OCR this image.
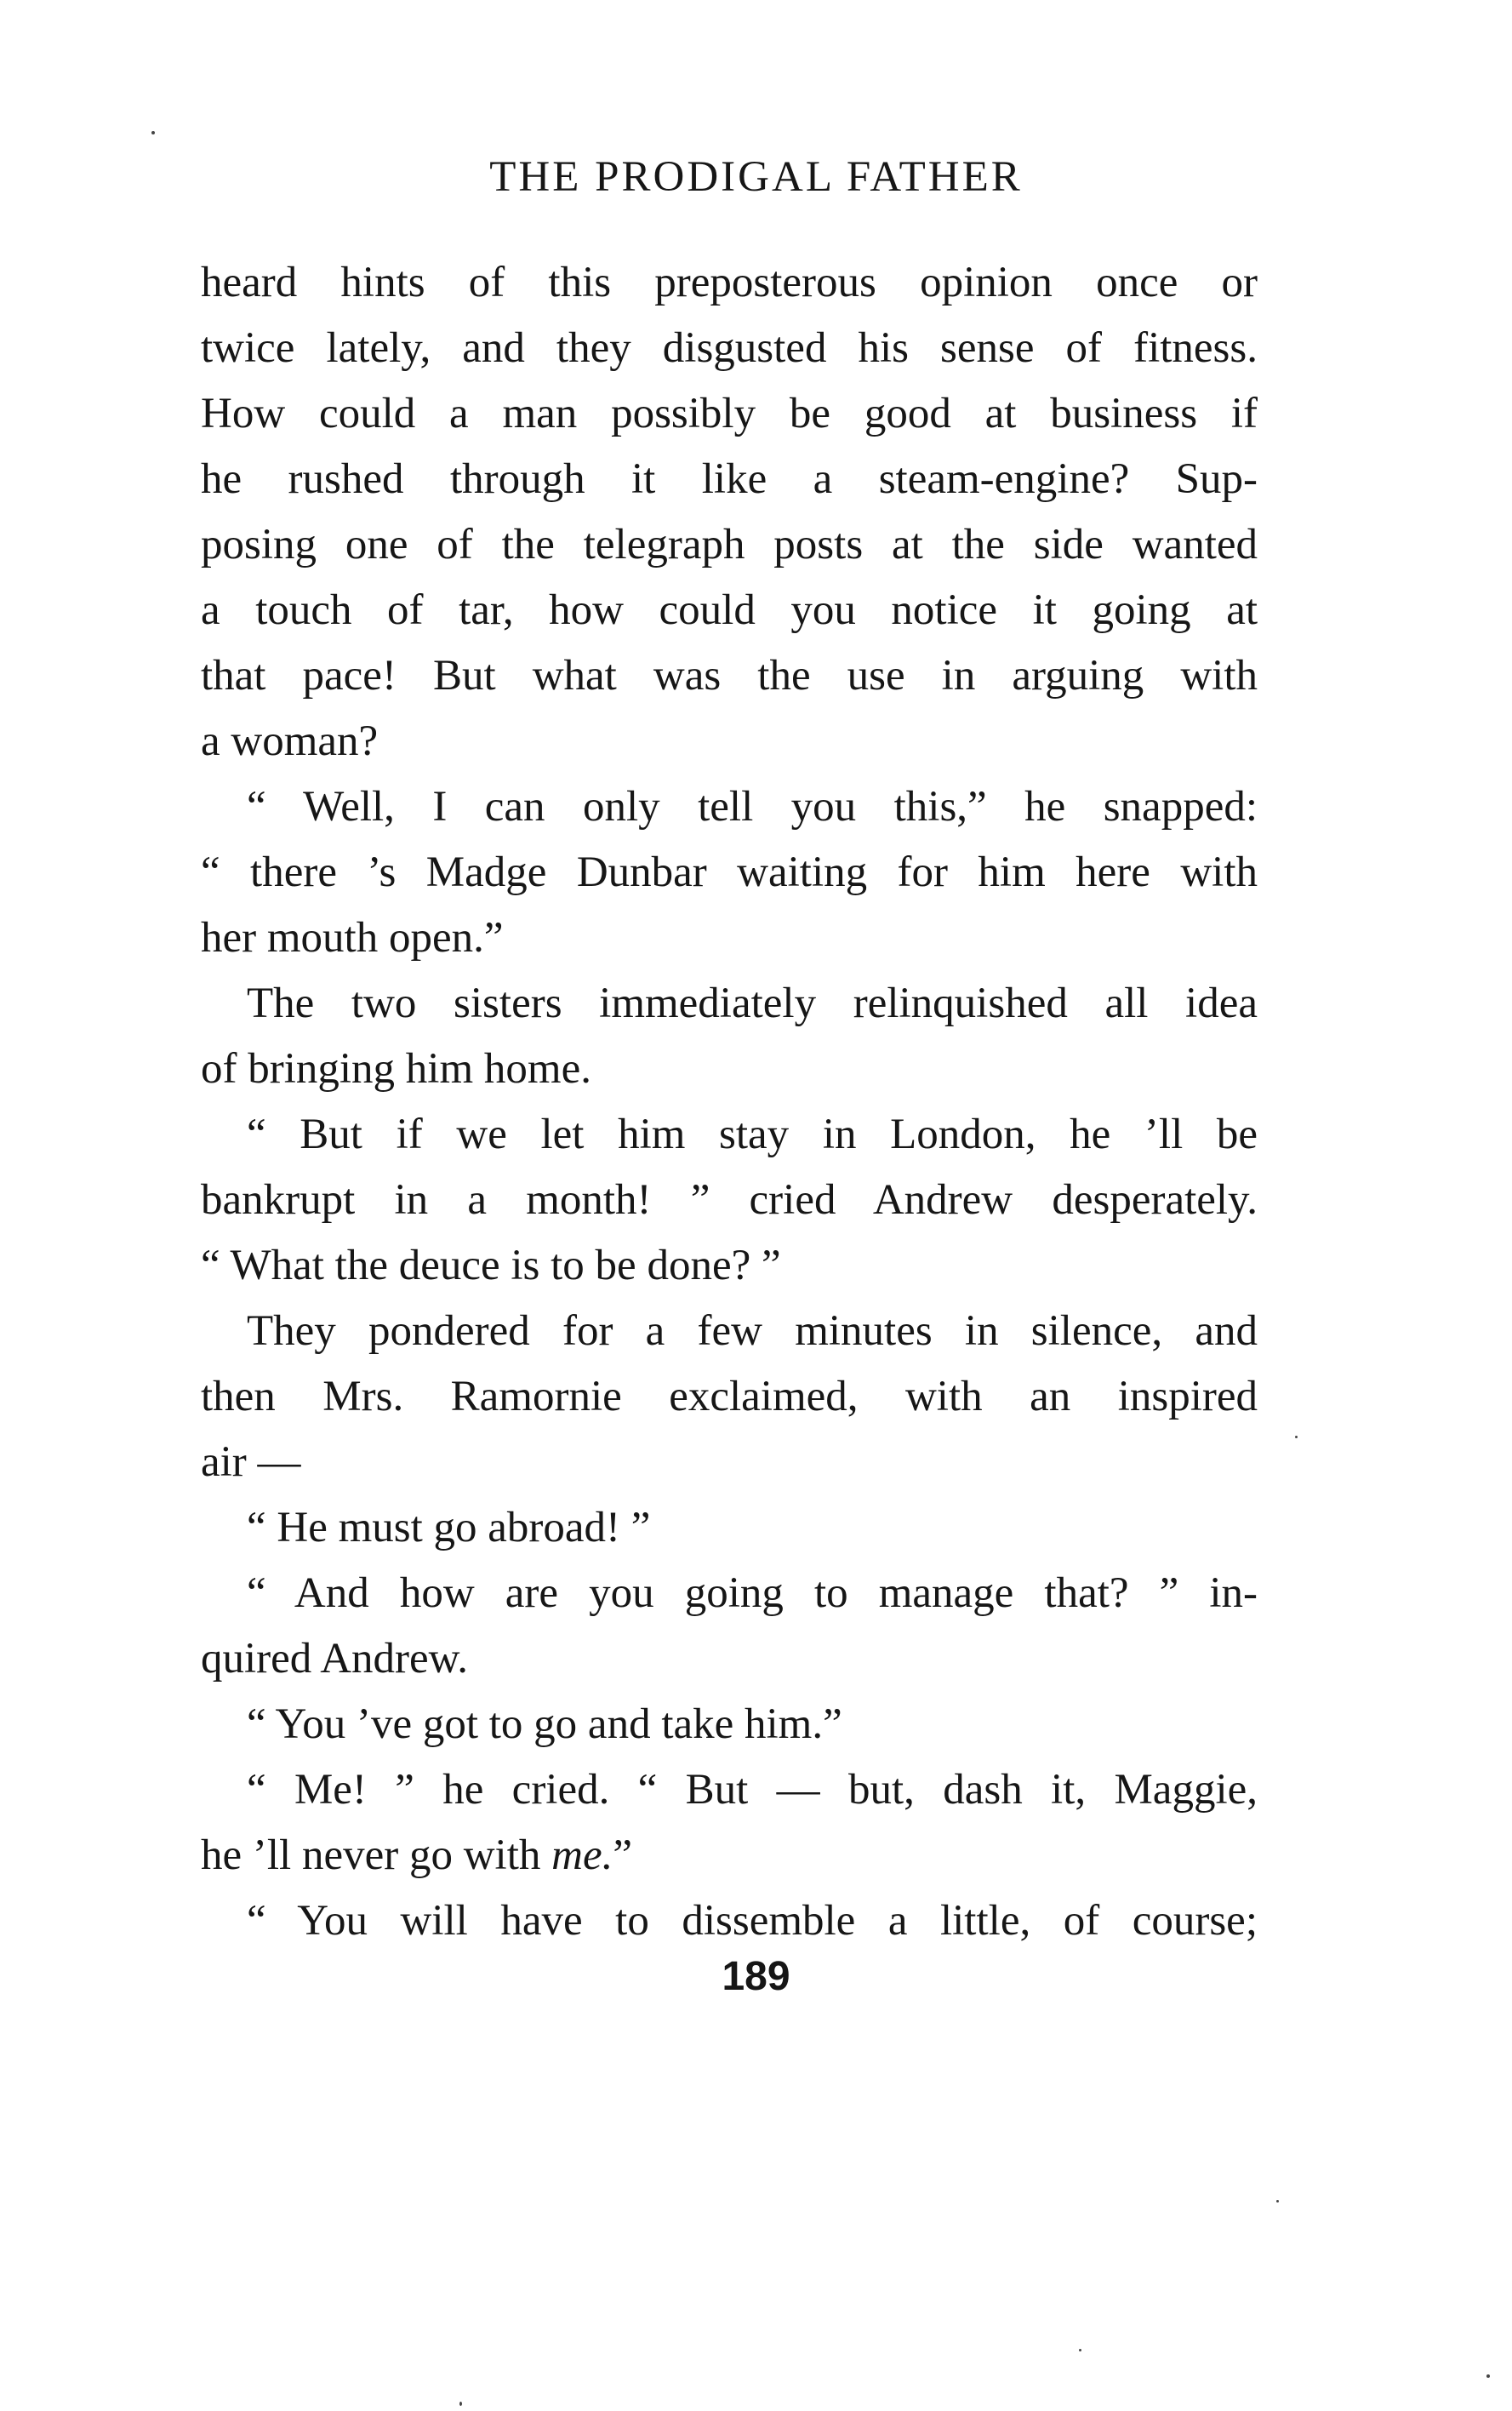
THE PRODIGAL FATHER
heard hints of this preposterous opinion once or
twice lately, and they disgusted his sense of fitness.
How could a man possibly be good at business if
he rushed through it like a steam-engine? Sup-
posing one of the telegraph posts at the side wanted
a touch of tar, how could you notice it going at
that pace! But what was the use in arguing with
a woman?
“ Well, I can only tell you this,” he snapped:
“ there ’s Madge Dunbar waiting for him here with
her mouth open.”
The two sisters immediately relinquished all idea
of bringing him home.
“ But if we let him stay in London, he ’ll be
bankrupt in a month! ” cried Andrew desperately.
“ What the deuce is to be done? ”
They pondered for a few minutes in silence, and
then Mrs. Ramornie exclaimed, with an inspired
air —
“ He must go abroad! ”
“ And how are you going to manage that? ” in-
quired Andrew.
“ You ’ve got to go and take him.”
“ Me! ” he cried. “ But — but, dash it, Maggie,
he ’ll never go with me.”
“ You will have to dissemble a little, of course;
189
